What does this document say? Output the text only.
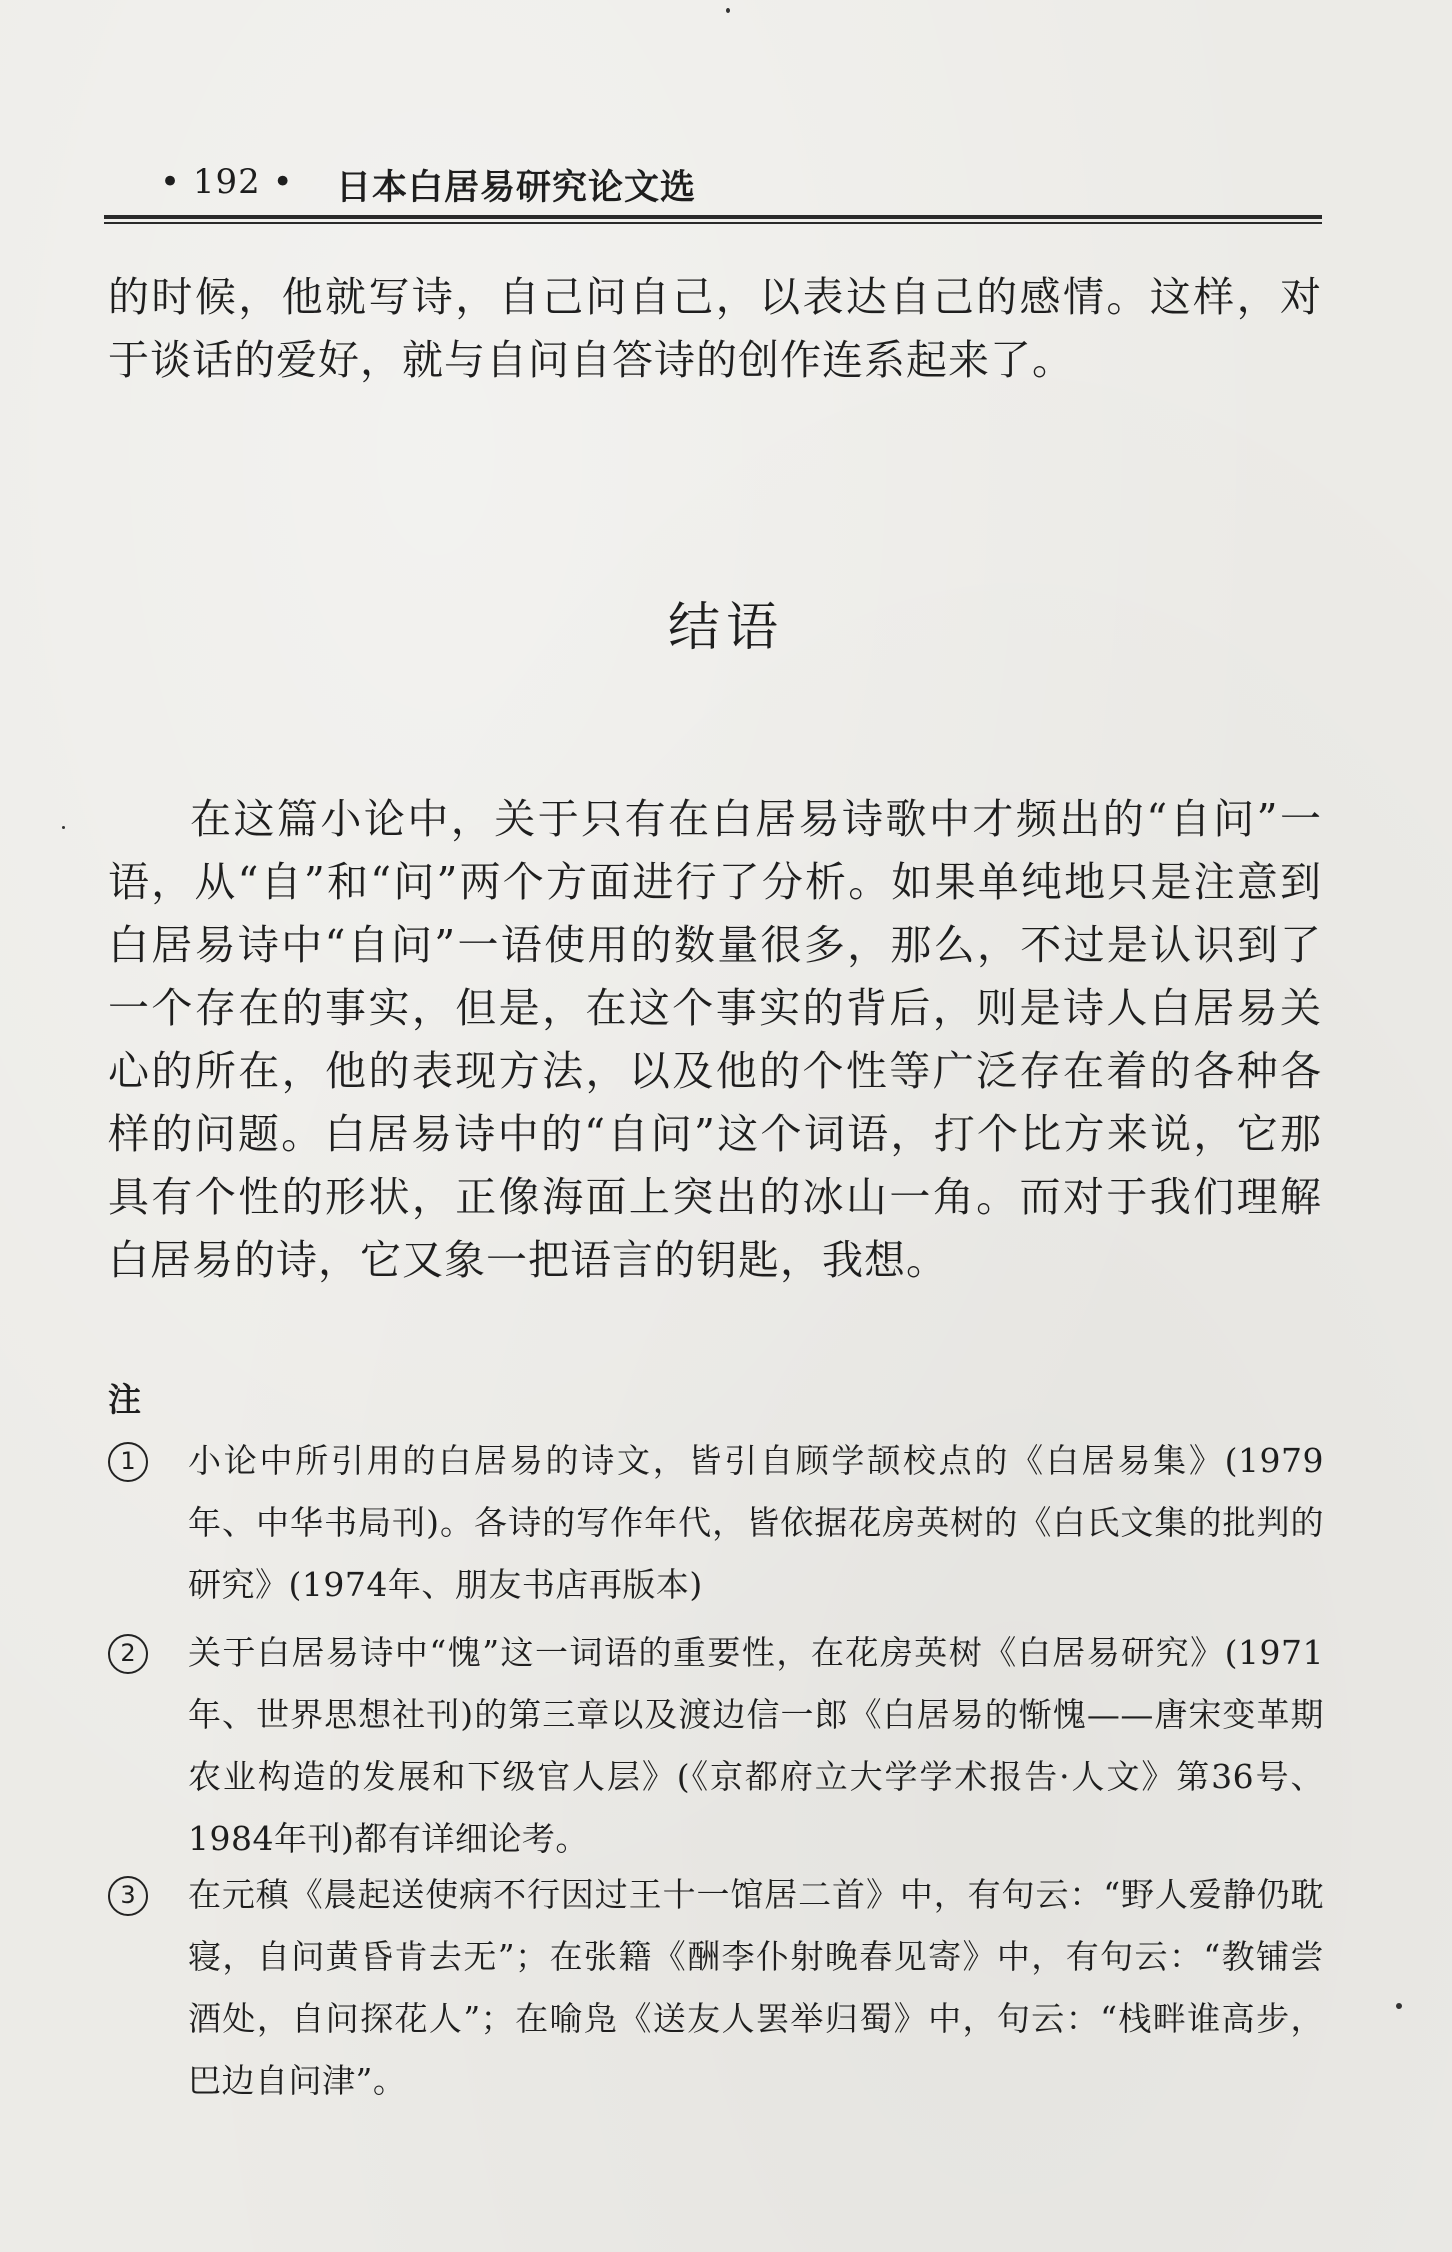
• 192 • 日本白居易研究论文选

的时候，他就写诗，自己问自己，以表达自己的感情。这样，对于谈话的爱好，就与自问自答诗的创作连系起来了。

结语

在这篇小论中，关于只有在白居易诗歌中才频出的“自问”一语，从“自”和“问”两个方面进行了分析。如果单纯地只是注意到白居易诗中“自问”一语使用的数量很多，那么，不过是认识到了一个存在的事实，但是，在这个事实的背后，则是诗人白居易关心的所在，他的表现方法，以及他的个性等广泛存在着的各种各样的问题。白居易诗中的“自问”这个词语，打个比方来说，它那具有个性的形状，正像海面上突出的冰山一角。而对于我们理解白居易的诗，它又象一把语言的钥匙，我想。

注
1	小论中所引用的白居易的诗文，皆引自顾学颉校点的《白居易集》(1979年、中华书局刊)。各诗的写作年代，皆依据花房英树的《白氏文集的批判的研究》(1974年、朋友书店再版本)

2	关于白居易诗中“愧”这一词语的重要性，在花房英树《白居易研究》(1971年、世界思想社刊)的第三章以及渡边信一郎《白居易的惭愧——唐宋变革期农业构造的发展和下级官人层》(《京都府立大学学术报告·人文》第36号、1984年刊)都有详细论考。

3	在元稹《晨起送使病不行因过王十一馆居二首》中，有句云：“野人爱静仍耽寝，自问黄昏肯去无”；在张籍《酬李仆射晚春见寄》中，有句云：“教铺尝酒处，自问探花人”；在喻凫《送友人罢举归蜀》中，句云：“栈畔谁高步，巴边自问津”。
